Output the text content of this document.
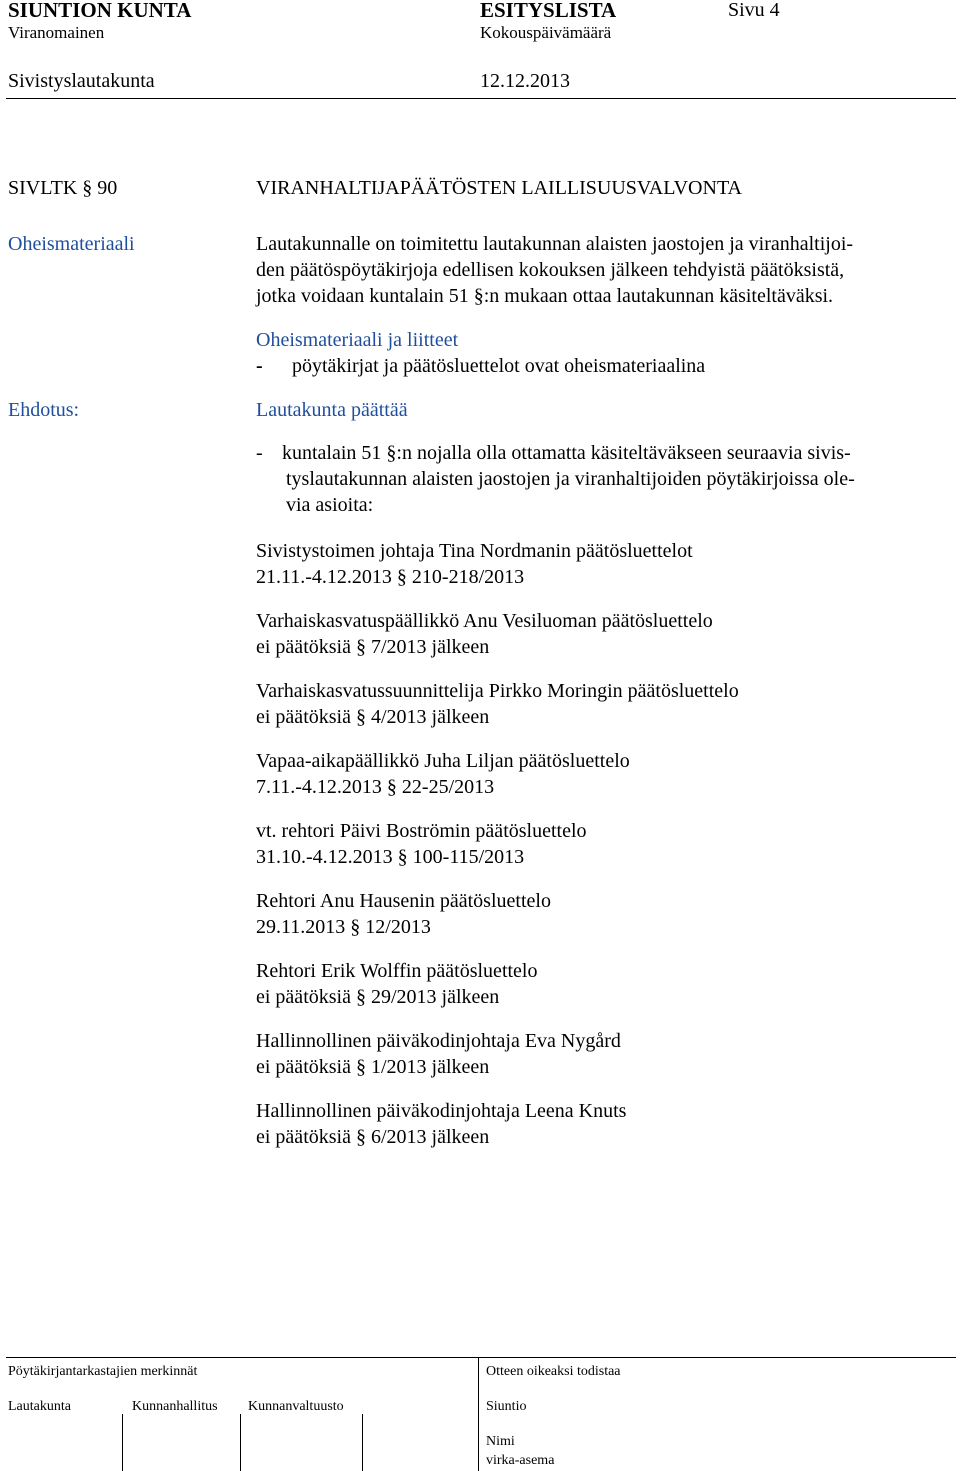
SIUNTION KUNTA	ESITYSLISTA	Sivu 4
Viranomainen	Kokouspäivämäärä
Sivistyslautakunta	12.12.2013
SIVLTK § 90	VIRANHALTIJAPÄÄTÖSTEN LAILLISUUSVALVONTA
Oheismateriaali	Lautakunnalle on toimitettu lautakunnan alaisten jaostojen ja viranhaltijoi-
den päätöspöytäkirjoja edellisen kokouksen jälkeen tehdyistä päätöksistä,
jotka voidaan kuntalain 51 §:n mukaan ottaa lautakunnan käsiteltäväksi.
Oheismateriaali ja liitteet
- pöytäkirjat ja päätösluettelot ovat oheismateriaalina
Ehdotus:	Lautakunta päättää
- kuntalain 51 §:n nojalla olla ottamatta käsiteltäväkseen seuraavia sivis-
tyslautakunnan alaisten jaostojen ja viranhaltijoiden pöytäkirjoissa ole-
via asioita:
Sivistystoimen johtaja Tina Nordmanin päätösluettelot
21.11.-4.12.2013 § 210-218/2013
Varhaiskasvatuspäällikkö Anu Vesiluoman päätösluettelo
ei päätöksiä § 7/2013 jälkeen
Varhaiskasvatussuunnittelija Pirkko Moringin päätösluettelo
ei päätöksiä § 4/2013 jälkeen
Vapaa-aikapäällikkö Juha Liljan päätösluettelo
7.11.-4.12.2013 § 22-25/2013
vt. rehtori Päivi Boströmin päätösluettelo
31.10.-4.12.2013 § 100-115/2013
Rehtori Anu Hausenin päätösluettelo
29.11.2013 § 12/2013
Rehtori Erik Wolffin päätösluettelo
ei päätöksiä § 29/2013 jälkeen
Hallinnollinen päiväkodinjohtaja Eva Nygård
ei päätöksiä § 1/2013 jälkeen
Hallinnollinen päiväkodinjohtaja Leena Knuts
ei päätöksiä § 6/2013 jälkeen
Pöytäkirjantarkastajien merkinnät	Otteen oikeaksi todistaa
Lautakunta	Kunnanhallitus Kunnanvaltuusto	Siuntio
Nimi
virka-asema
